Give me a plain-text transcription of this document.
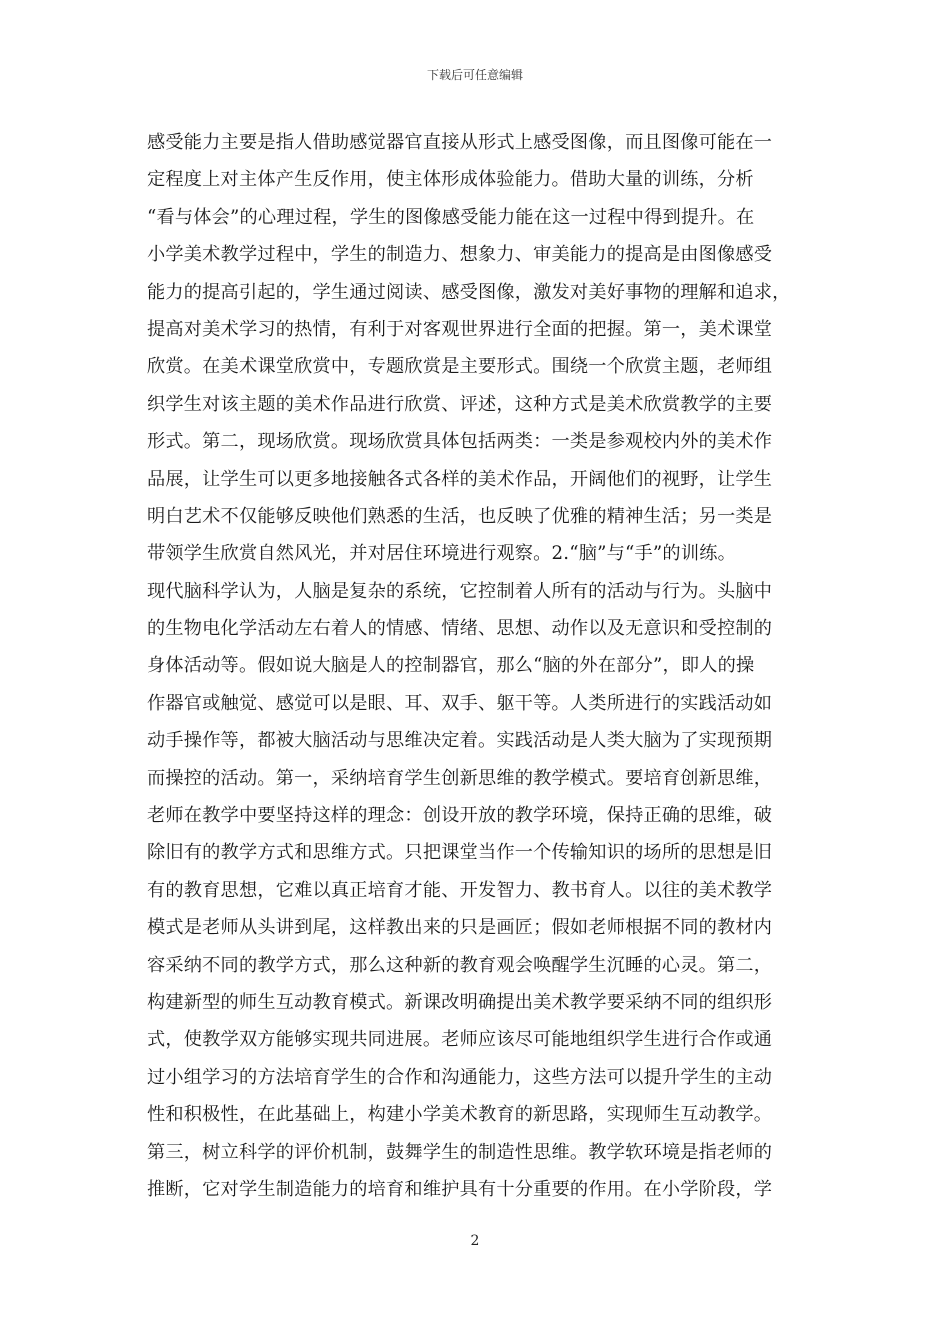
下载后可任意编辑
感受能力主要是指人借助感觉器官直接从形式上感受图像，而且图像可能在一
定程度上对主体产生反作用，使主体形成体验能力。借助大量的训练，分析
“看与体会”的心理过程，学生的图像感受能力能在这一过程中得到提升。在
小学美术教学过程中，学生的制造力、想象力、审美能力的提高是由图像感受
能力的提高引起的，学生通过阅读、感受图像，激发对美好事物的理解和追求，
提高对美术学习的热情，有利于对客观世界进行全面的把握。第一，美术课堂
欣赏。在美术课堂欣赏中，专题欣赏是主要形式。围绕一个欣赏主题，老师组
织学生对该主题的美术作品进行欣赏、评述，这种方式是美术欣赏教学的主要
形式。第二，现场欣赏。现场欣赏具体包括两类：一类是参观校内外的美术作
品展，让学生可以更多地接触各式各样的美术作品，开阔他们的视野，让学生
明白艺术不仅能够反映他们熟悉的生活，也反映了优雅的精神生活；另一类是
带领学生欣赏自然风光，并对居住环境进行观察。2.“脑”与“手”的训练。
现代脑科学认为，人脑是复杂的系统，它控制着人所有的活动与行为。头脑中
的生物电化学活动左右着人的情感、情绪、思想、动作以及无意识和受控制的
身体活动等。假如说大脑是人的控制器官，那么“脑的外在部分”，即人的操
作器官或触觉、感觉可以是眼、耳、双手、躯干等。人类所进行的实践活动如
动手操作等，都被大脑活动与思维决定着。实践活动是人类大脑为了实现预期
而操控的活动。第一，采纳培育学生创新思维的教学模式。要培育创新思维，
老师在教学中要坚持这样的理念：创设开放的教学环境，保持正确的思维，破
除旧有的教学方式和思维方式。只把课堂当作一个传输知识的场所的思想是旧
有的教育思想，它难以真正培育才能、开发智力、教书育人。以往的美术教学
模式是老师从头讲到尾，这样教出来的只是画匠；假如老师根据不同的教材内
容采纳不同的教学方式，那么这种新的教育观会唤醒学生沉睡的心灵。第二，
构建新型的师生互动教育模式。新课改明确提出美术教学要采纳不同的组织形
式，使教学双方能够实现共同进展。老师应该尽可能地组织学生进行合作或通
过小组学习的方法培育学生的合作和沟通能力，这些方法可以提升学生的主动
性和积极性，在此基础上，构建小学美术教育的新思路，实现师生互动教学。
第三，树立科学的评价机制，鼓舞学生的制造性思维。教学软环境是指老师的
推断，它对学生制造能力的培育和维护具有十分重要的作用。在小学阶段，学
2
